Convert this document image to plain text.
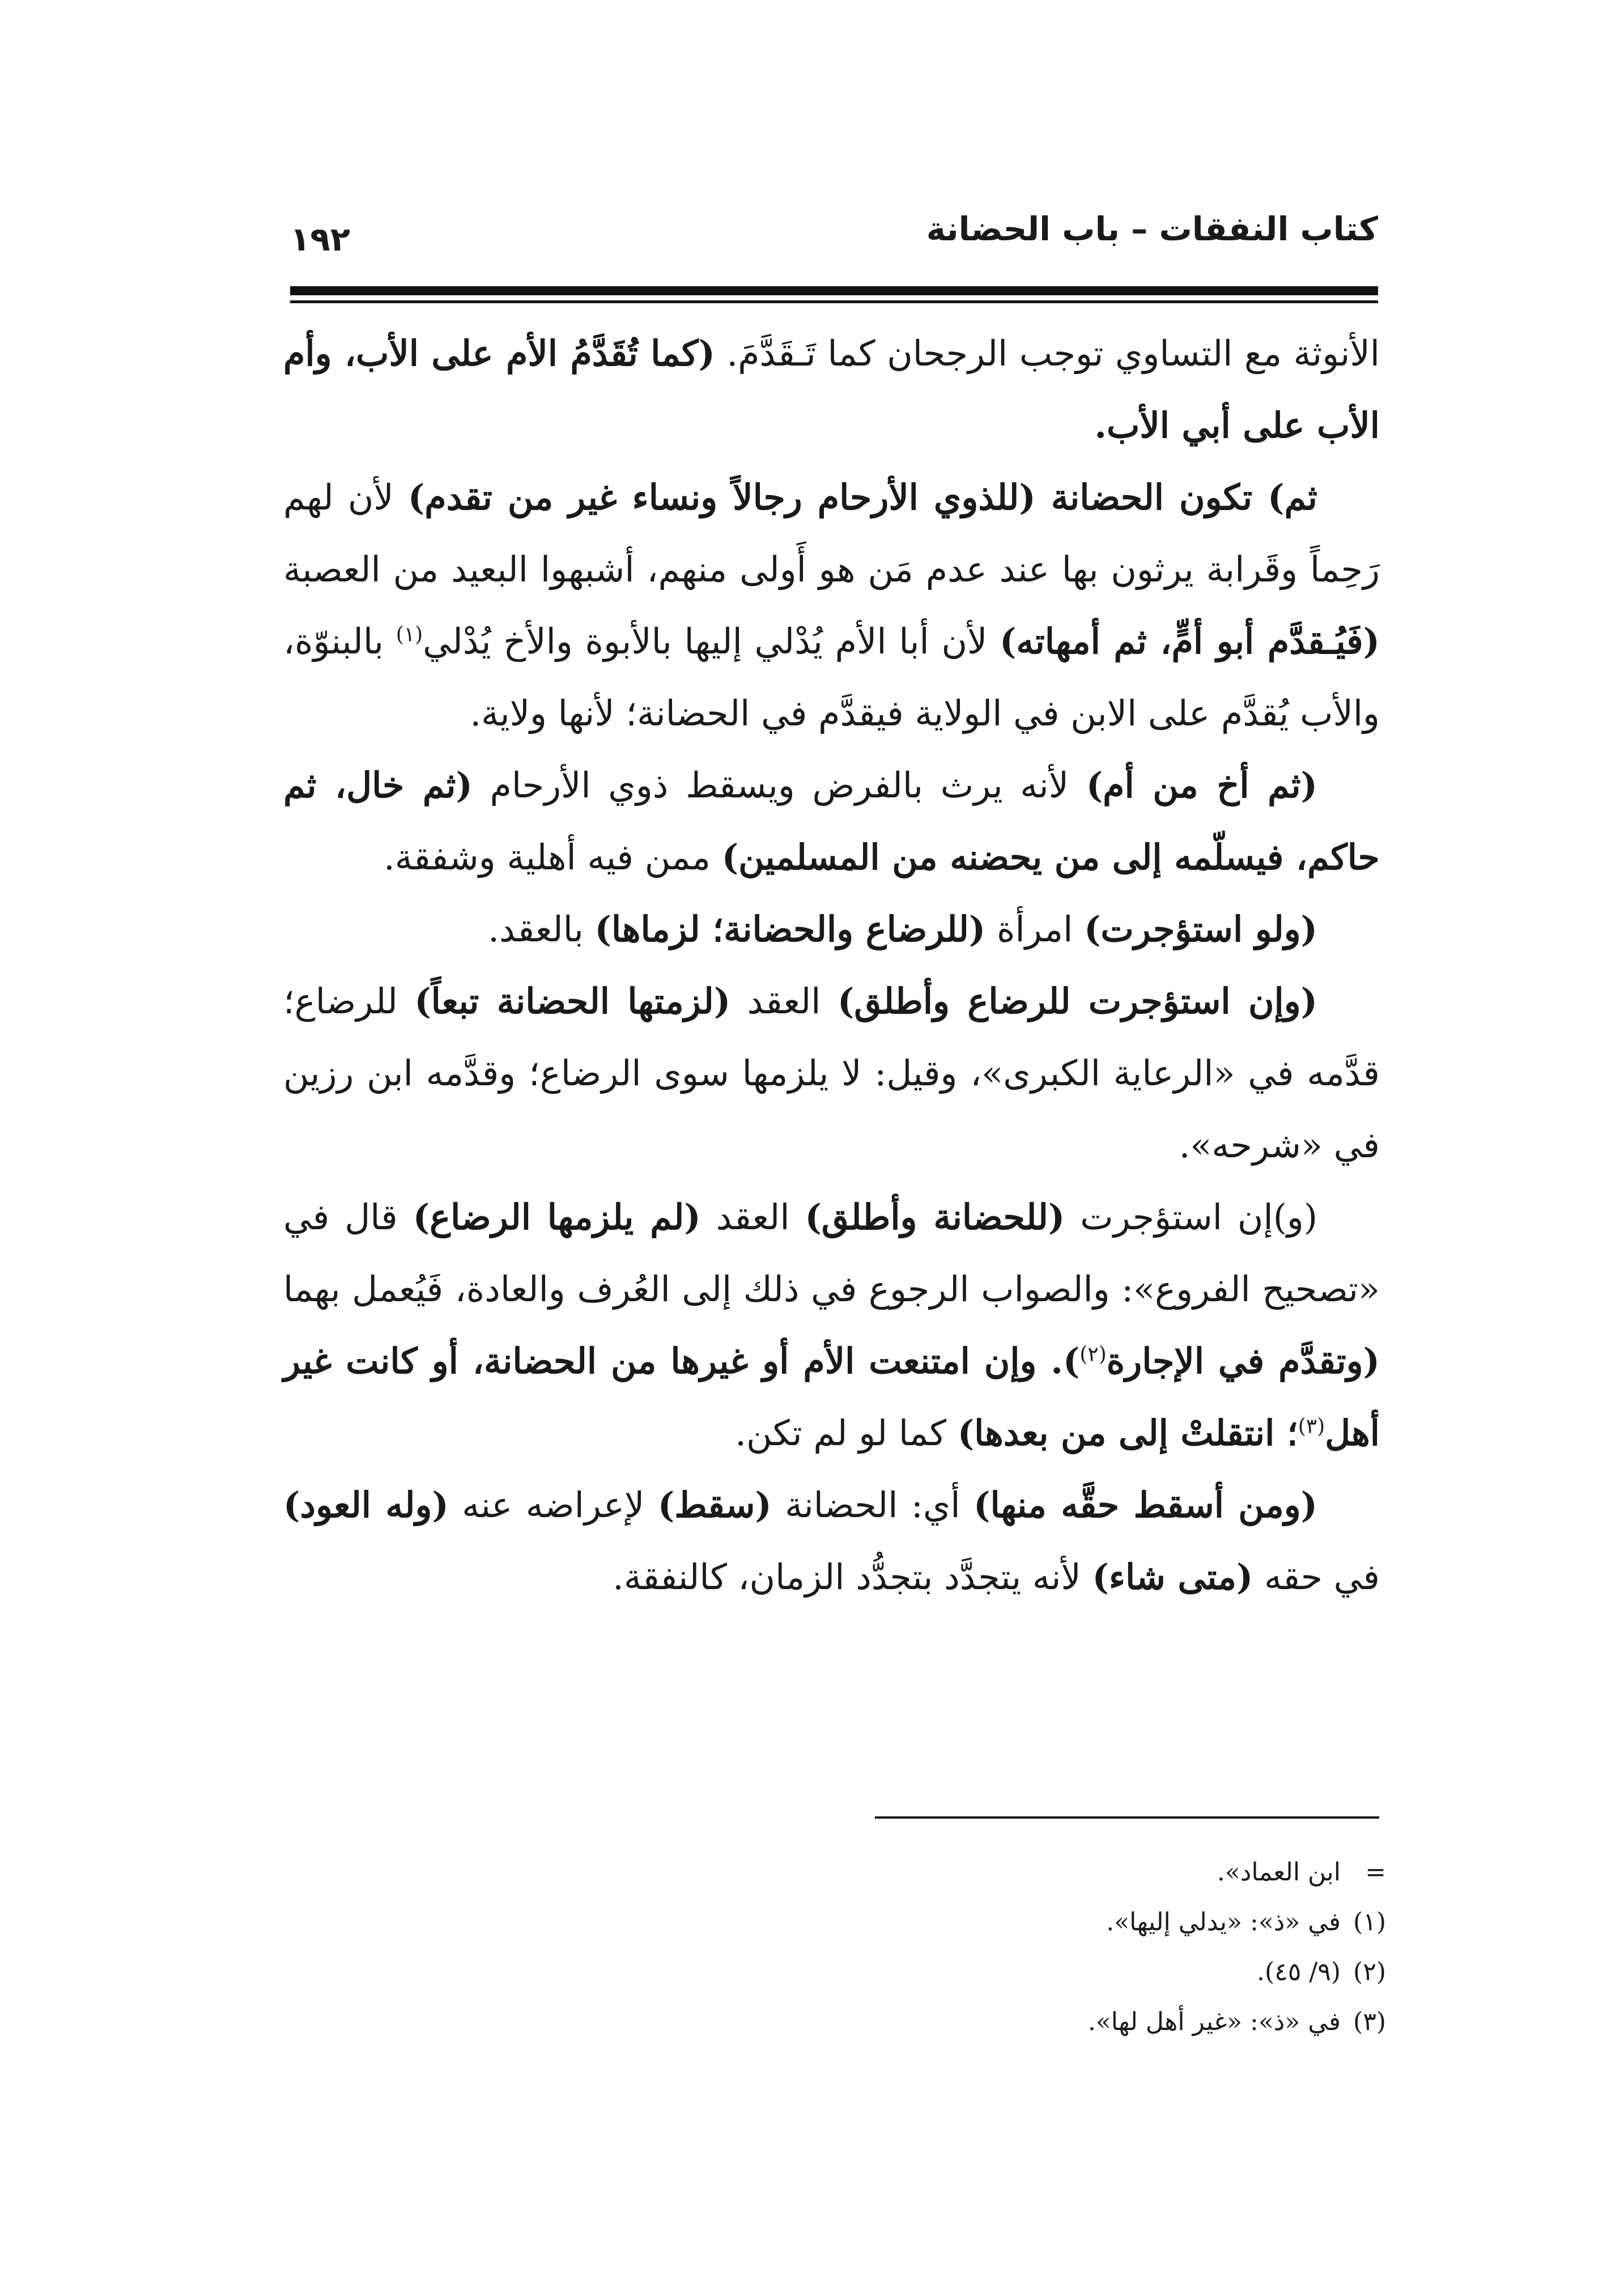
كتاب النفقات – باب الحضانة
١٩٢

الأنوثة مع التساوي توجب الرجحان كما تَـقَدَّمَ. (كما تُقَدَّمُ الأم على الأب، وأم الأب على أبي الأب.

ثم) تكون الحضانة (للذوي الأرحام رجالاً ونساء غير من تقدم) لأن لهم رَحِماً وقَرابة يرثون بها عند عدم مَن هو أَولى منهم، أشبهوا البعيد من العصبة (فَيُـقدَّم أبو أمٍّ، ثم أمهاته) لأن أبا الأم يُدْلي إليها بالأبوة والأخ يُدْلي$^{(١)}$ بالبنوّة، والأب يُقدَّم على الابن في الولاية فيقدَّم في الحضانة؛ لأنها ولاية.

(ثم أخ من أم) لأنه يرث بالفرض ويسقط ذوي الأرحام (ثم خال، ثم حاكم، فيسلّمه إلى من يحضنه من المسلمين) ممن فيه أهلية وشفقة.

(ولو استؤجرت) امرأة (للرضاع والحضانة؛ لزماها) بالعقد.

(وإن استؤجرت للرضاع وأطلق) العقد (لزمتها الحضانة تبعاً) للرضاع؛ قدَّمه في «الرعاية الكبرى»، وقيل: لا يلزمها سوى الرضاع؛ وقدَّمه ابن رزين في «شرحه».

(و)إن استؤجرت (للحضانة وأطلق) العقد (لم يلزمها الرضاع) قال في «تصحيح الفروع»: والصواب الرجوع في ذلك إلى العُرف والعادة، فَيُعمل بهما (وتقدَّم في الإجارة$^{(٢)}$). وإن امتنعت الأم أو غيرها من الحضانة، أو كانت غير أهل$^{(٣)}$؛ انتقلتْ إلى من بعدها) كما لو لم تكن.

(ومن أسقط حقَّه منها) أي: الحضانة (سقط) لإعراضه عنه (وله العود) في حقه (متى شاء) لأنه يتجدَّد بتجدُّد الزمان، كالنفقة.

=ابن العماد».

(١)في «ذ»: «يدلي إليها».

(٢)(٩/ ٤٥).

(٣)في «ذ»: «غير أهل لها».
